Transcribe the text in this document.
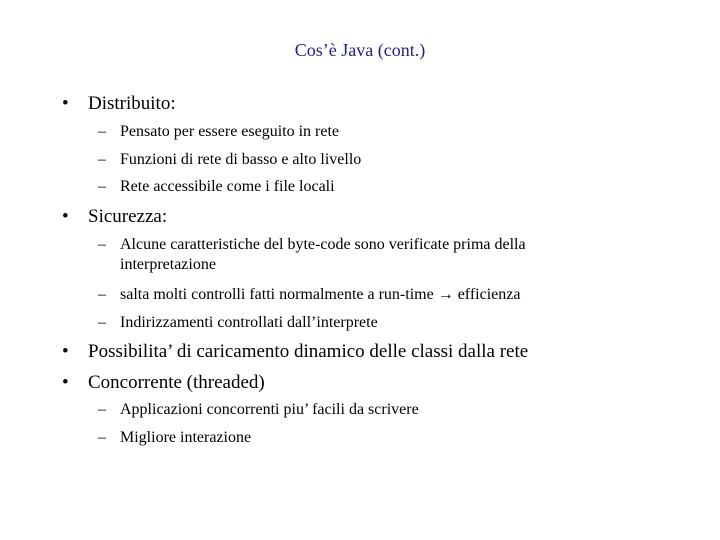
Cos’è Java (cont.)
• Distribuito:
– Pensato per essere eseguito in rete
– Funzioni di rete di basso e alto livello
– Rete accessibile come i file locali
• Sicurezza:
– Alcune caratteristiche del byte-code sono verificate prima della interpretazione
– salta molti controlli fatti normalmente a run-time → efficienza
– Indirizzamenti controllati dall’interprete
• Possibilita’ di caricamento dinamico delle classi dalla rete
• Concorrente (threaded)
– Applicazioni concorrenti piu’ facili da scrivere
– Migliore interazione
